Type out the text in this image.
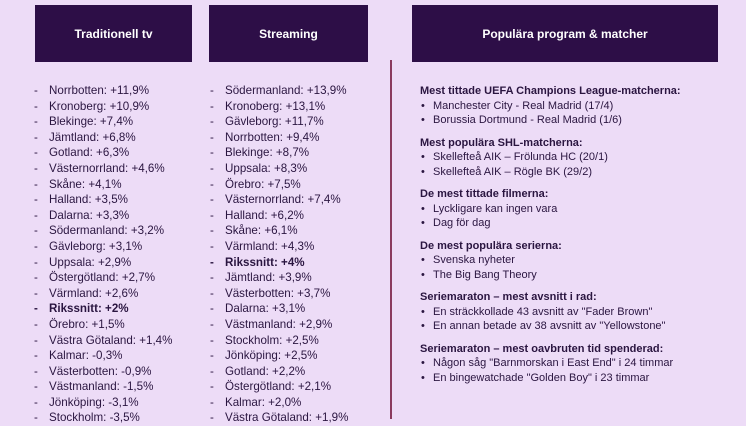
Traditionell tv	Streaming	Populära program & matcher
- Norrbotten: +11,9%
- Kronoberg: +10,9%
- Blekinge: +7,4%
- Jämtland: +6,8%
- Gotland: +6,3%
- Västernorrland: +4,6%
- Skåne: +4,1%
- Halland: +3,5%
- Dalarna: +3,3%
- Södermanland: +3,2%
- Gävleborg: +3,1%
- Uppsala: +2,9%
- Östergötland: +2,7%
- Värmland: +2,6%
- Rikssnitt: +2%
- Örebro: +1,5%
- Västra Götaland: +1,4%
- Kalmar: -0,3%
- Västerbotten: -0,9%
- Västmanland: -1,5%
- Jönköping: -3,1%
- Stockholm: -3,5%
- Södermanland: +13,9%
- Kronoberg: +13,1%
- Gävleborg: +11,7%
- Norrbotten: +9,4%
- Blekinge: +8,7%
- Uppsala: +8,3%
- Örebro: +7,5%
- Västernorrland: +7,4%
- Halland: +6,2%
- Skåne: +6,1%
- Värmland: +4,3%
- Rikssnitt: +4%
- Jämtland: +3,9%
- Västerbotten: +3,7%
- Dalarna: +3,1%
- Västmanland: +2,9%
- Stockholm: +2,5%
- Jönköping: +2,5%
- Gotland: +2,2%
- Östergötland: +2,1%
- Kalmar: +2,0%
- Västra Götaland: +1,9%
Mest tittade UEFA Champions League-matcherna:
• Manchester City - Real Madrid (17/4)
• Borussia Dortmund - Real Madrid (1/6)
Mest populära SHL-matcherna:
• Skellefteå AIK – Frölunda HC (20/1)
• Skellefteå AIK – Rögle BK (29/2)
De mest tittade filmerna:
• Lyckligare kan ingen vara
• Dag för dag
De mest populära serierna:
• Svenska nyheter
• The Big Bang Theory
Seriemaraton – mest avsnitt i rad:
• En sträckkollade 43 avsnitt av "Fader Brown"
• En annan betade av 38 avsnitt av "Yellowstone"
Seriemaraton – mest oavbruten tid spenderad:
• Någon såg "Barnmorskan i East End" i 24 timmar
• En bingewatchade "Golden Boy" i 23 timmar
